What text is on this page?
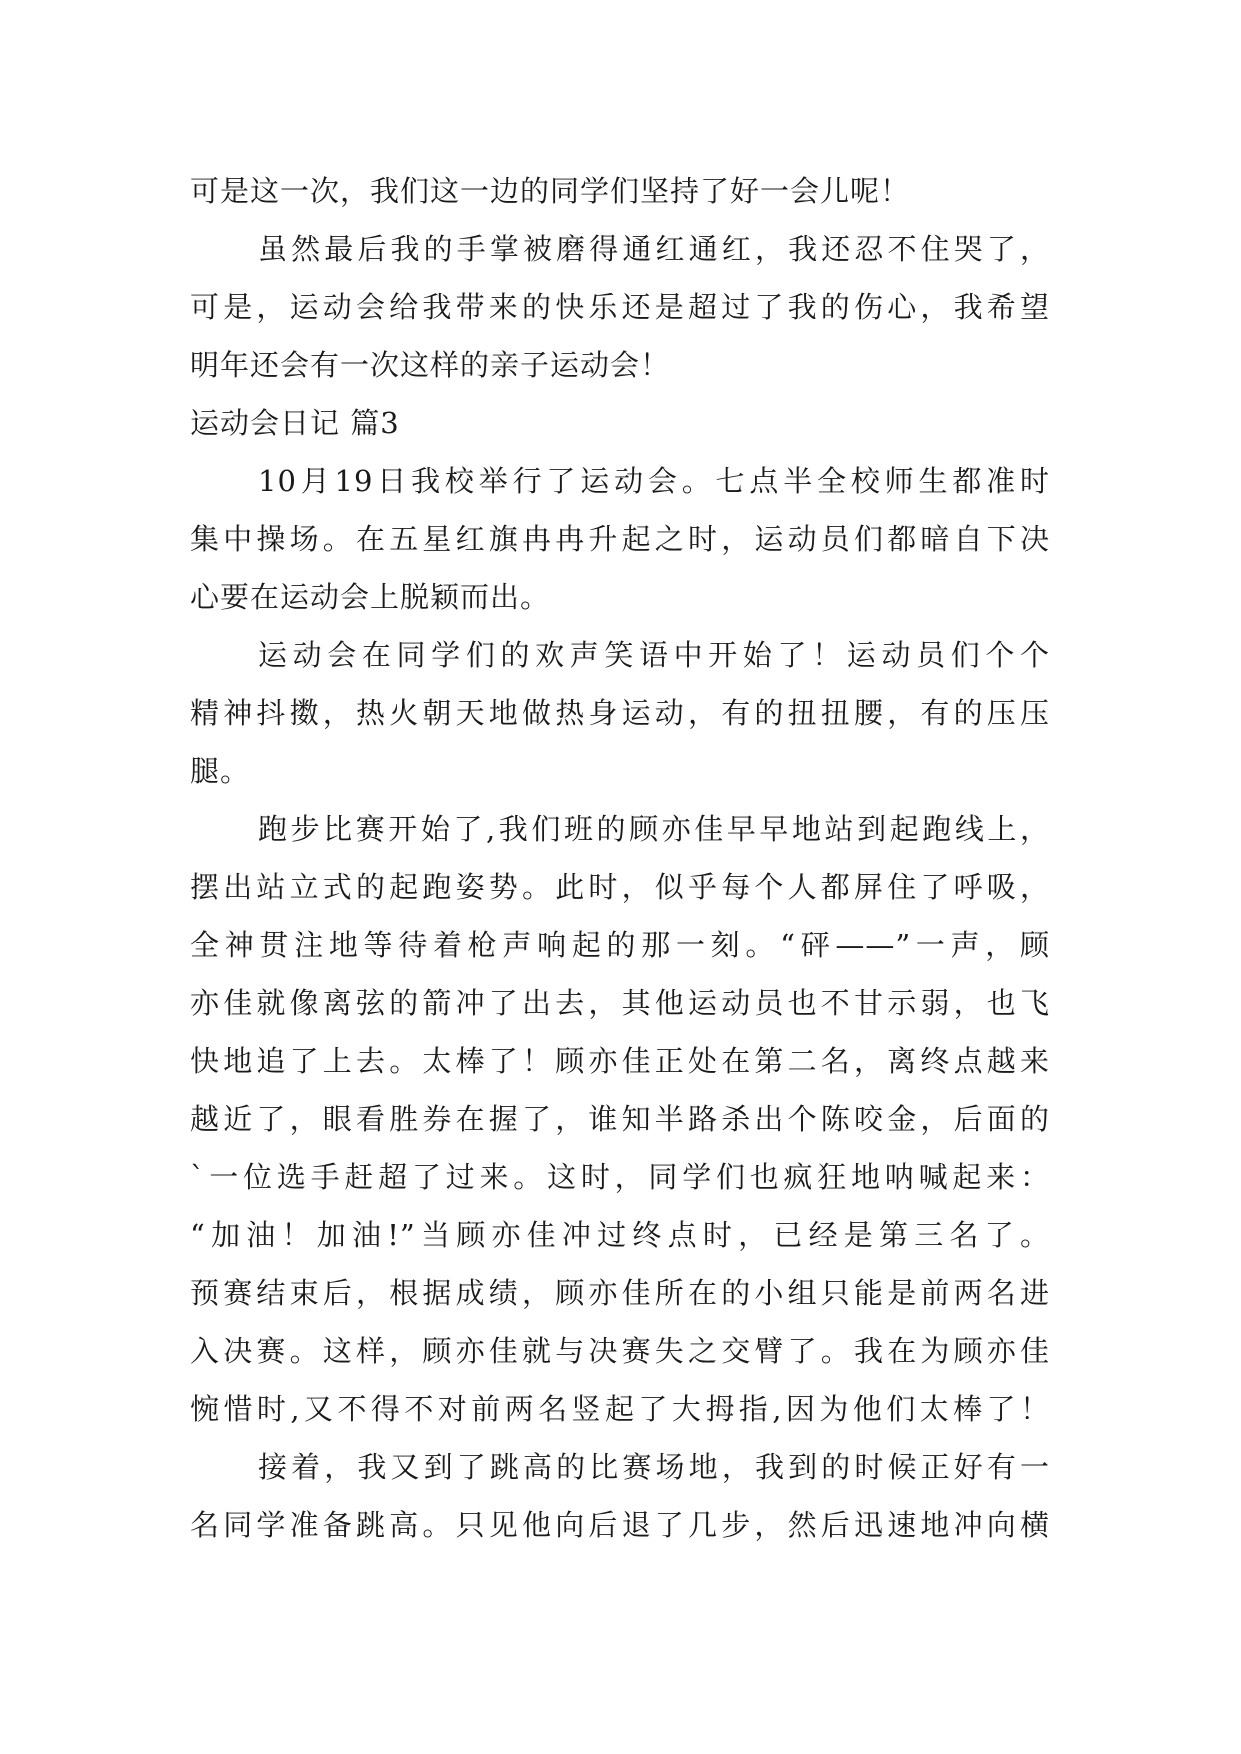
可是这一次，我们这一边的同学们坚持了好一会儿呢！
虽然最后我的手掌被磨得通红通红，我还忍不住哭了，
可是，运动会给我带来的快乐还是超过了我的伤心，我希望
明年还会有一次这样的亲子运动会！
运动会日记 篇3
10月19日我校举行了运动会。七点半全校师生都准时
集中操场。在五星红旗冉冉升起之时，运动员们都暗自下决
心要在运动会上脱颖而出。
运动会在同学们的欢声笑语中开始了！运动员们个个
精神抖擞，热火朝天地做热身运动，有的扭扭腰，有的压压
腿。
跑步比赛开始了,我们班的顾亦佳早早地站到起跑线上，
摆出站立式的起跑姿势。此时，似乎每个人都屏住了呼吸，
全神贯注地等待着枪声响起的那一刻。“砰——”一声，顾
亦佳就像离弦的箭冲了出去，其他运动员也不甘示弱，也飞
快地追了上去。太棒了！顾亦佳正处在第二名，离终点越来
越近了，眼看胜券在握了，谁知半路杀出个陈咬金，后面的
`一位选手赶超了过来。这时，同学们也疯狂地呐喊起来：
“加油！加油!”当顾亦佳冲过终点时，已经是第三名了。
预赛结束后，根据成绩，顾亦佳所在的小组只能是前两名进
入决赛。这样，顾亦佳就与决赛失之交臂了。我在为顾亦佳
惋惜时,又不得不对前两名竖起了大拇指,因为他们太棒了！
接着，我又到了跳高的比赛场地，我到的时候正好有一
名同学准备跳高。只见他向后退了几步，然后迅速地冲向横
